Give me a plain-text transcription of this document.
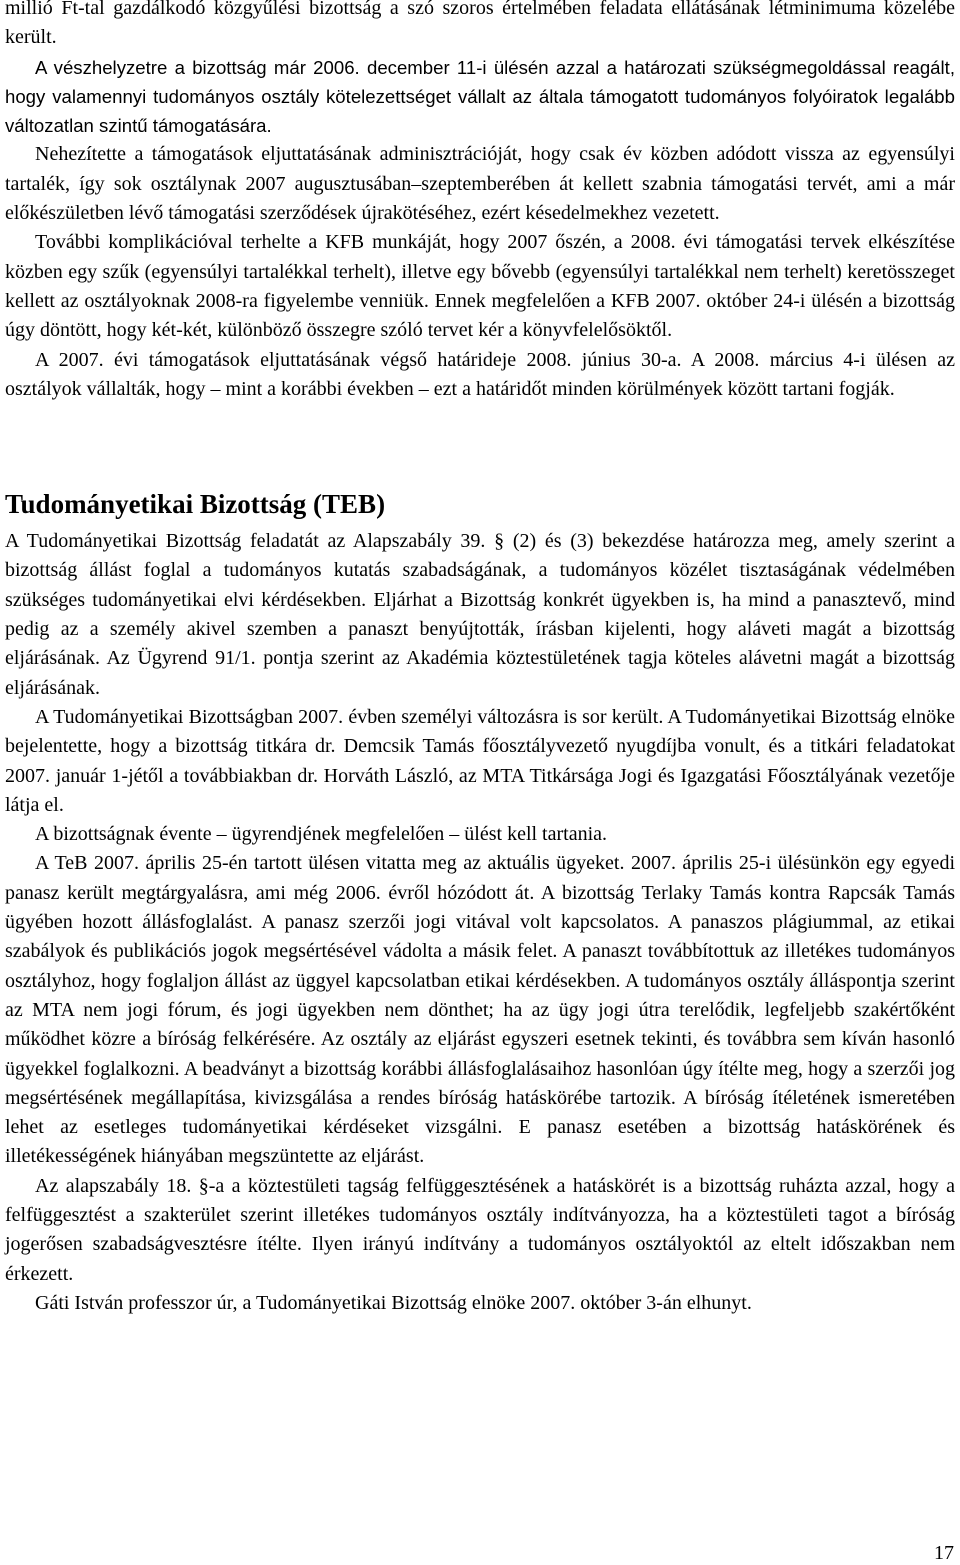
millió Ft-tal gazdálkodó közgyűlési bizottság a szó szoros értelmében feladata ellátásának létminimuma közelébe került.

A vészhelyzetre a bizottság már 2006. december 11-i ülésén azzal a határozati szükségmegoldással reagált, hogy valamennyi tudományos osztály kötelezettséget vállalt az általa támogatott tudományos folyóiratok legalább változatlan szintű támogatására.

Nehezítette a támogatások eljuttatásának adminisztrációját, hogy csak év közben adódott vissza az egyensúlyi tartalék, így sok osztálynak 2007 augusztusában–szeptemberében át kellett szabnia támogatási tervét, ami a már előkészületben lévő támogatási szerződések újrakötéséhez, ezért késedelmekhez vezetett.

További komplikációval terhelte a KFB munkáját, hogy 2007 őszén, a 2008. évi támogatási tervek elkészítése közben egy szűk (egyensúlyi tartalékkal terhelt), illetve egy bővebb (egyensúlyi tartalékkal nem terhelt) keretösszeget kellett az osztályoknak 2008-ra figyelembe venniük. Ennek megfelelően a KFB 2007. október 24-i ülésén a bizottság úgy döntött, hogy két-két, különböző összegre szóló tervet kér a könyvfelelősöktől.

A 2007. évi támogatások eljuttatásának végső határideje 2008. június 30-a. A 2008. március 4-i ülésen az osztályok vállalták, hogy – mint a korábbi években – ezt a határidőt minden körülmények között tartani fogják.

Tudományetikai Bizottság (TEB)

A Tudományetikai Bizottság feladatát az Alapszabály 39. § (2) és (3) bekezdése határozza meg, amely szerint a bizottság állást foglal a tudományos kutatás szabadságának, a tudományos közélet tisztaságának védelmében szükséges tudományetikai elvi kérdésekben. Eljárhat a Bizottság konkrét ügyekben is, ha mind a panasztevő, mind pedig az a személy akivel szemben a panaszt benyújtották, írásban kijelenti, hogy aláveti magát a bizottság eljárásának. Az Ügyrend 91/1. pontja szerint az Akadémia köztestületének tagja köteles alávetni magát a bizottság eljárásának.

A Tudományetikai Bizottságban 2007. évben személyi változásra is sor került. A Tudományetikai Bizottság elnöke bejelentette, hogy a bizottság titkára dr. Demcsik Tamás főosztályvezető nyugdíjba vonult, és a titkári feladatokat 2007. január 1-jétől a továbbiakban dr. Horváth László, az MTA Titkársága Jogi és Igazgatási Főosztályának vezetője látja el.

A bizottságnak évente – ügyrendjének megfelelően – ülést kell tartania.

A TeB 2007. április 25-én tartott ülésen vitatta meg az aktuális ügyeket. 2007. április 25-i ülésünkön egy egyedi panasz került megtárgyalásra, ami még 2006. évről hózódott át. A bizottság Terlaky Tamás kontra Rapcsák Tamás ügyében hozott állásfoglalást. A panasz szerzői jogi vitával volt kapcsolatos. A panaszos plágiummal, az etikai szabályok és publikációs jogok megsértésével vádolta a másik felet. A panaszt továbbítottuk az illetékes tudományos osztályhoz, hogy foglaljon állást az üggyel kapcsolatban etikai kérdésekben. A tudományos osztály álláspontja szerint az MTA nem jogi fórum, és jogi ügyekben nem dönthet; ha az ügy jogi útra terelődik, legfeljebb szakértőként működhet közre a bíróság felkérésére. Az osztály az eljárást egyszeri esetnek tekinti, és továbbra sem kíván hasonló ügyekkel foglalkozni. A beadványt a bizottság korábbi állásfoglalásaihoz hasonlóan úgy ítélte meg, hogy a szerzői jog megsértésének megállapítása, kivizsgálása a rendes bíróság hatáskörébe tartozik. A bíróság ítéletének ismeretében lehet az esetleges tudományetikai kérdéseket vizsgálni. E panasz esetében a bizottság hatáskörének és illetékességének hiányában megszüntette az eljárást.

Az alapszabály 18. §-a a köztestületi tagság felfüggesztésének a hatáskörét is a bizottság ruházta azzal, hogy a felfüggesztést a szakterület szerint illetékes tudományos osztály indítványozza, ha a köztestületi tagot a bíróság jogerősen szabadságvesztésre ítélte. Ilyen irányú indítvány a tudományos osztályoktól az eltelt időszakban nem érkezett.

Gáti István professzor úr, a Tudományetikai Bizottság elnöke 2007. október 3-án elhunyt.

17
